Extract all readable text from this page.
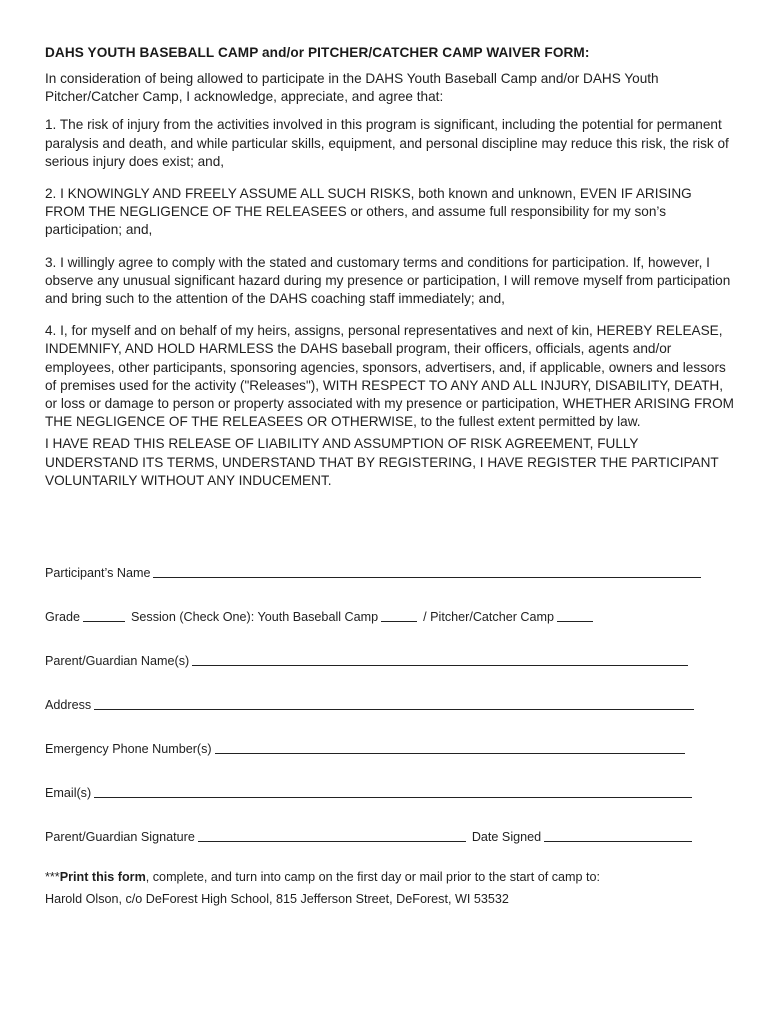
DAHS YOUTH BASEBALL CAMP and/or PITCHER/CATCHER CAMP WAIVER FORM:

In consideration of being allowed to participate in the DAHS Youth Baseball Camp and/or DAHS Youth Pitcher/Catcher Camp, I acknowledge, appreciate, and agree that:

1. The risk of injury from the activities involved in this program is significant, including the potential for permanent paralysis and death, and while particular skills, equipment, and personal discipline may reduce this risk, the risk of serious injury does exist; and,

2. I KNOWINGLY AND FREELY ASSUME ALL SUCH RISKS, both known and unknown, EVEN IF ARISING FROM THE NEGLIGENCE OF THE RELEASEES or others, and assume full responsibility for my son’s participation; and,

3. I willingly agree to comply with the stated and customary terms and conditions for participation. If, however, I observe any unusual significant hazard during my presence or participation, I will remove myself from participation and bring such to the attention of the DAHS coaching staff immediately; and,

4. I, for myself and on behalf of my heirs, assigns, personal representatives and next of kin, HEREBY RELEASE, INDEMNIFY, AND HOLD HARMLESS the DAHS baseball program, their officers, officials, agents and/or employees, other participants, sponsoring agencies, sponsors, advertisers, and, if applicable, owners and lessors of premises used for the activity ("Releases"), WITH RESPECT TO ANY AND ALL INJURY, DISABILITY, DEATH, or loss or damage to person or property associated with my presence or participation, WHETHER ARISING FROM THE NEGLIGENCE OF THE RELEASEES OR OTHERWISE, to the fullest extent permitted by law.

I HAVE READ THIS RELEASE OF LIABILITY AND ASSUMPTION OF RISK AGREEMENT, FULLY UNDERSTAND ITS TERMS, UNDERSTAND THAT BY REGISTERING, I HAVE REGISTER THE PARTICIPANT VOLUNTARILY WITHOUT ANY INDUCEMENT.

Participant’s Name
Grade	Session (Check One): Youth Baseball Camp	/ Pitcher/Catcher Camp
Parent/Guardian Name(s)
Address
Emergency Phone Number(s)
Email(s)
Parent/Guardian Signature	Date Signed
***Print this form, complete, and turn into camp on the first day or mail prior to the start of camp to:
Harold Olson, c/o DeForest High School, 815 Jefferson Street, DeForest, WI 53532
